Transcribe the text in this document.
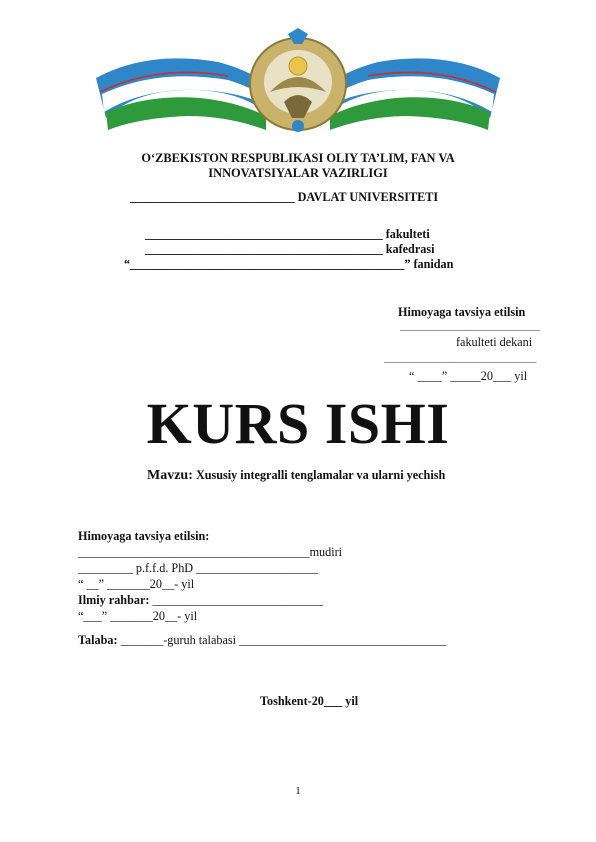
O‘ZBEKISTON RESPUBLIKASI OLIY TA’LIM, FAN VA
INNOVATSIYALAR VAZIRLIGI
___________________________ DAVLAT UNIVERSITETI
_______________________________________ fakulteti
_______________________________________ kafedrasi
“_____________________________________________” fanidan
Himoyaga tavsiya etilsin
_______________________
fakulteti dekani
_________________________
“ ____” _____20___ yil
KURS ISHI
Mavzu: Xususiy integralli tenglamalar va ularni yechish
Himoyaga tavsiya etilsin:
______________________________________mudiri
_________ p.f.f.d. PhD ____________________
“ __” _______20__- yil
Ilmiy rahbar: ____________________________
“___” _______20__- yil
Talaba: _______-guruh talabasi __________________________________
Toshkent-20___ yil
1
